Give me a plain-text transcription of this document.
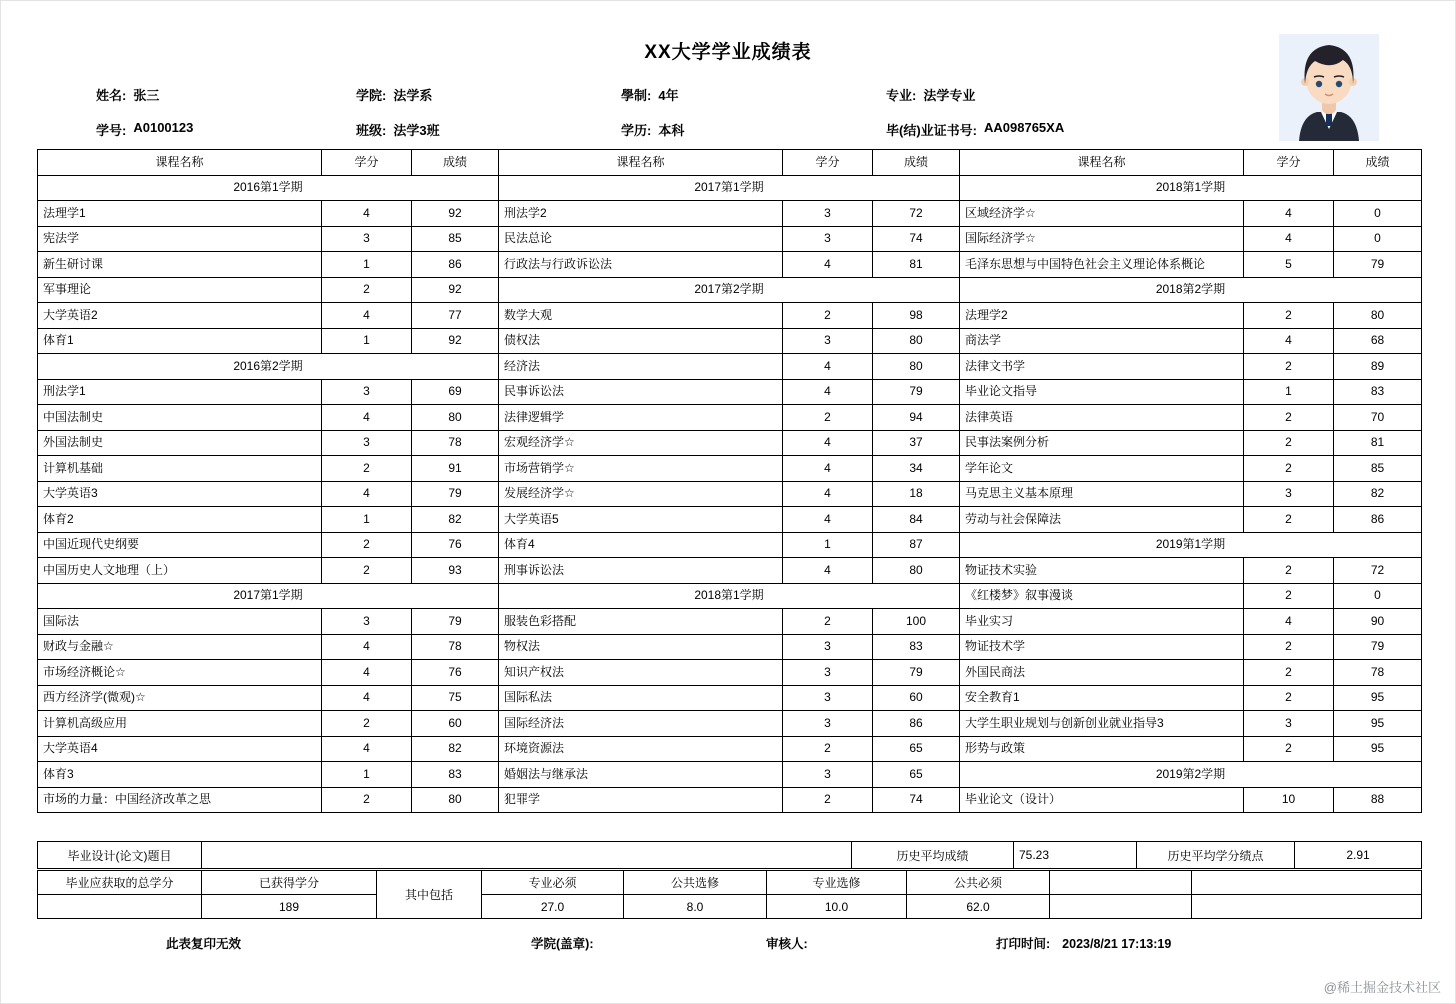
XX大学学业成绩表
姓名: 张三	学院: 法学系	學制: 4年	专业: 法学专业
学号: A0100123	班级: 法学3班	学历: 本科	毕(结)业证书号: AA098765XA
课程名称	学分	成绩	课程名称	学分	成绩	课程名称	学分	成绩
2016第1学期			2017第1学期			2018第1学期		
法理学1	4	92	刑法学2	3	72	区域经济学☆	4	0
宪法学	3	85	民法总论	3	74	国际经济学☆	4	0
新生研讨课	1	86	行政法与行政诉讼法	4	81	毛泽东思想与中国特色社会主义理论体系概论	5	79
军事理论	2	92	2017第2学期			2018第2学期		
大学英语2	4	77	数学大观	2	98	法理学2	2	80
体育1	1	92	债权法	3	80	商法学	4	68
2016第2学期			经济法	4	80	法律文书学	2	89
刑法学1	3	69	民事诉讼法	4	79	毕业论文指导	1	83
中国法制史	4	80	法律逻辑学	2	94	法律英语	2	70
外国法制史	3	78	宏观经济学☆	4	37	民事法案例分析	2	81
计算机基础	2	91	市场营销学☆	4	34	学年论文	2	85
大学英语3	4	79	发展经济学☆	4	18	马克思主义基本原理	3	82
体育2	1	82	大学英语5	4	84	劳动与社会保障法	2	86
中国近现代史纲要	2	76	体育4	1	87	2019第1学期		
中国历史人文地理（上）	2	93	刑事诉讼法	4	80	物证技术实验	2	72
2017第1学期			2018第1学期			《红楼梦》叙事漫谈	2	0
国际法	3	79	服装色彩搭配	2	100	毕业实习	4	90
财政与金融☆	4	78	物权法	3	83	物证技术学	2	79
市场经济概论☆	4	76	知识产权法	3	79	外国民商法	2	78
西方经济学(微观)☆	4	75	国际私法	3	60	安全教育1	2	95
计算机高级应用	2	60	国际经济法	3	86	大学生职业规划与创新创业就业指导3	3	95
大学英语4	4	82	环境资源法	2	65	形势与政策	2	95
体育3	1	83	婚姻法与继承法	3	65	2019第2学期		
市场的力量：中国经济改革之思	2	80	犯罪学	2	74	毕业论文（设计）	10	88
毕业设计(论文)题目		历史平均成绩	75.23	历史平均学分绩点	2.91
毕业应获取的总学分	已获得学分	其中包括	专业必须	公共选修	专业选修	公共必须		
	189		27.0	8.0	10.0	62.0		
此表复印无效	学院(盖章):	审核人:	打印时间: 2023/8/21 17:13:19
@稀土掘金技术社区
